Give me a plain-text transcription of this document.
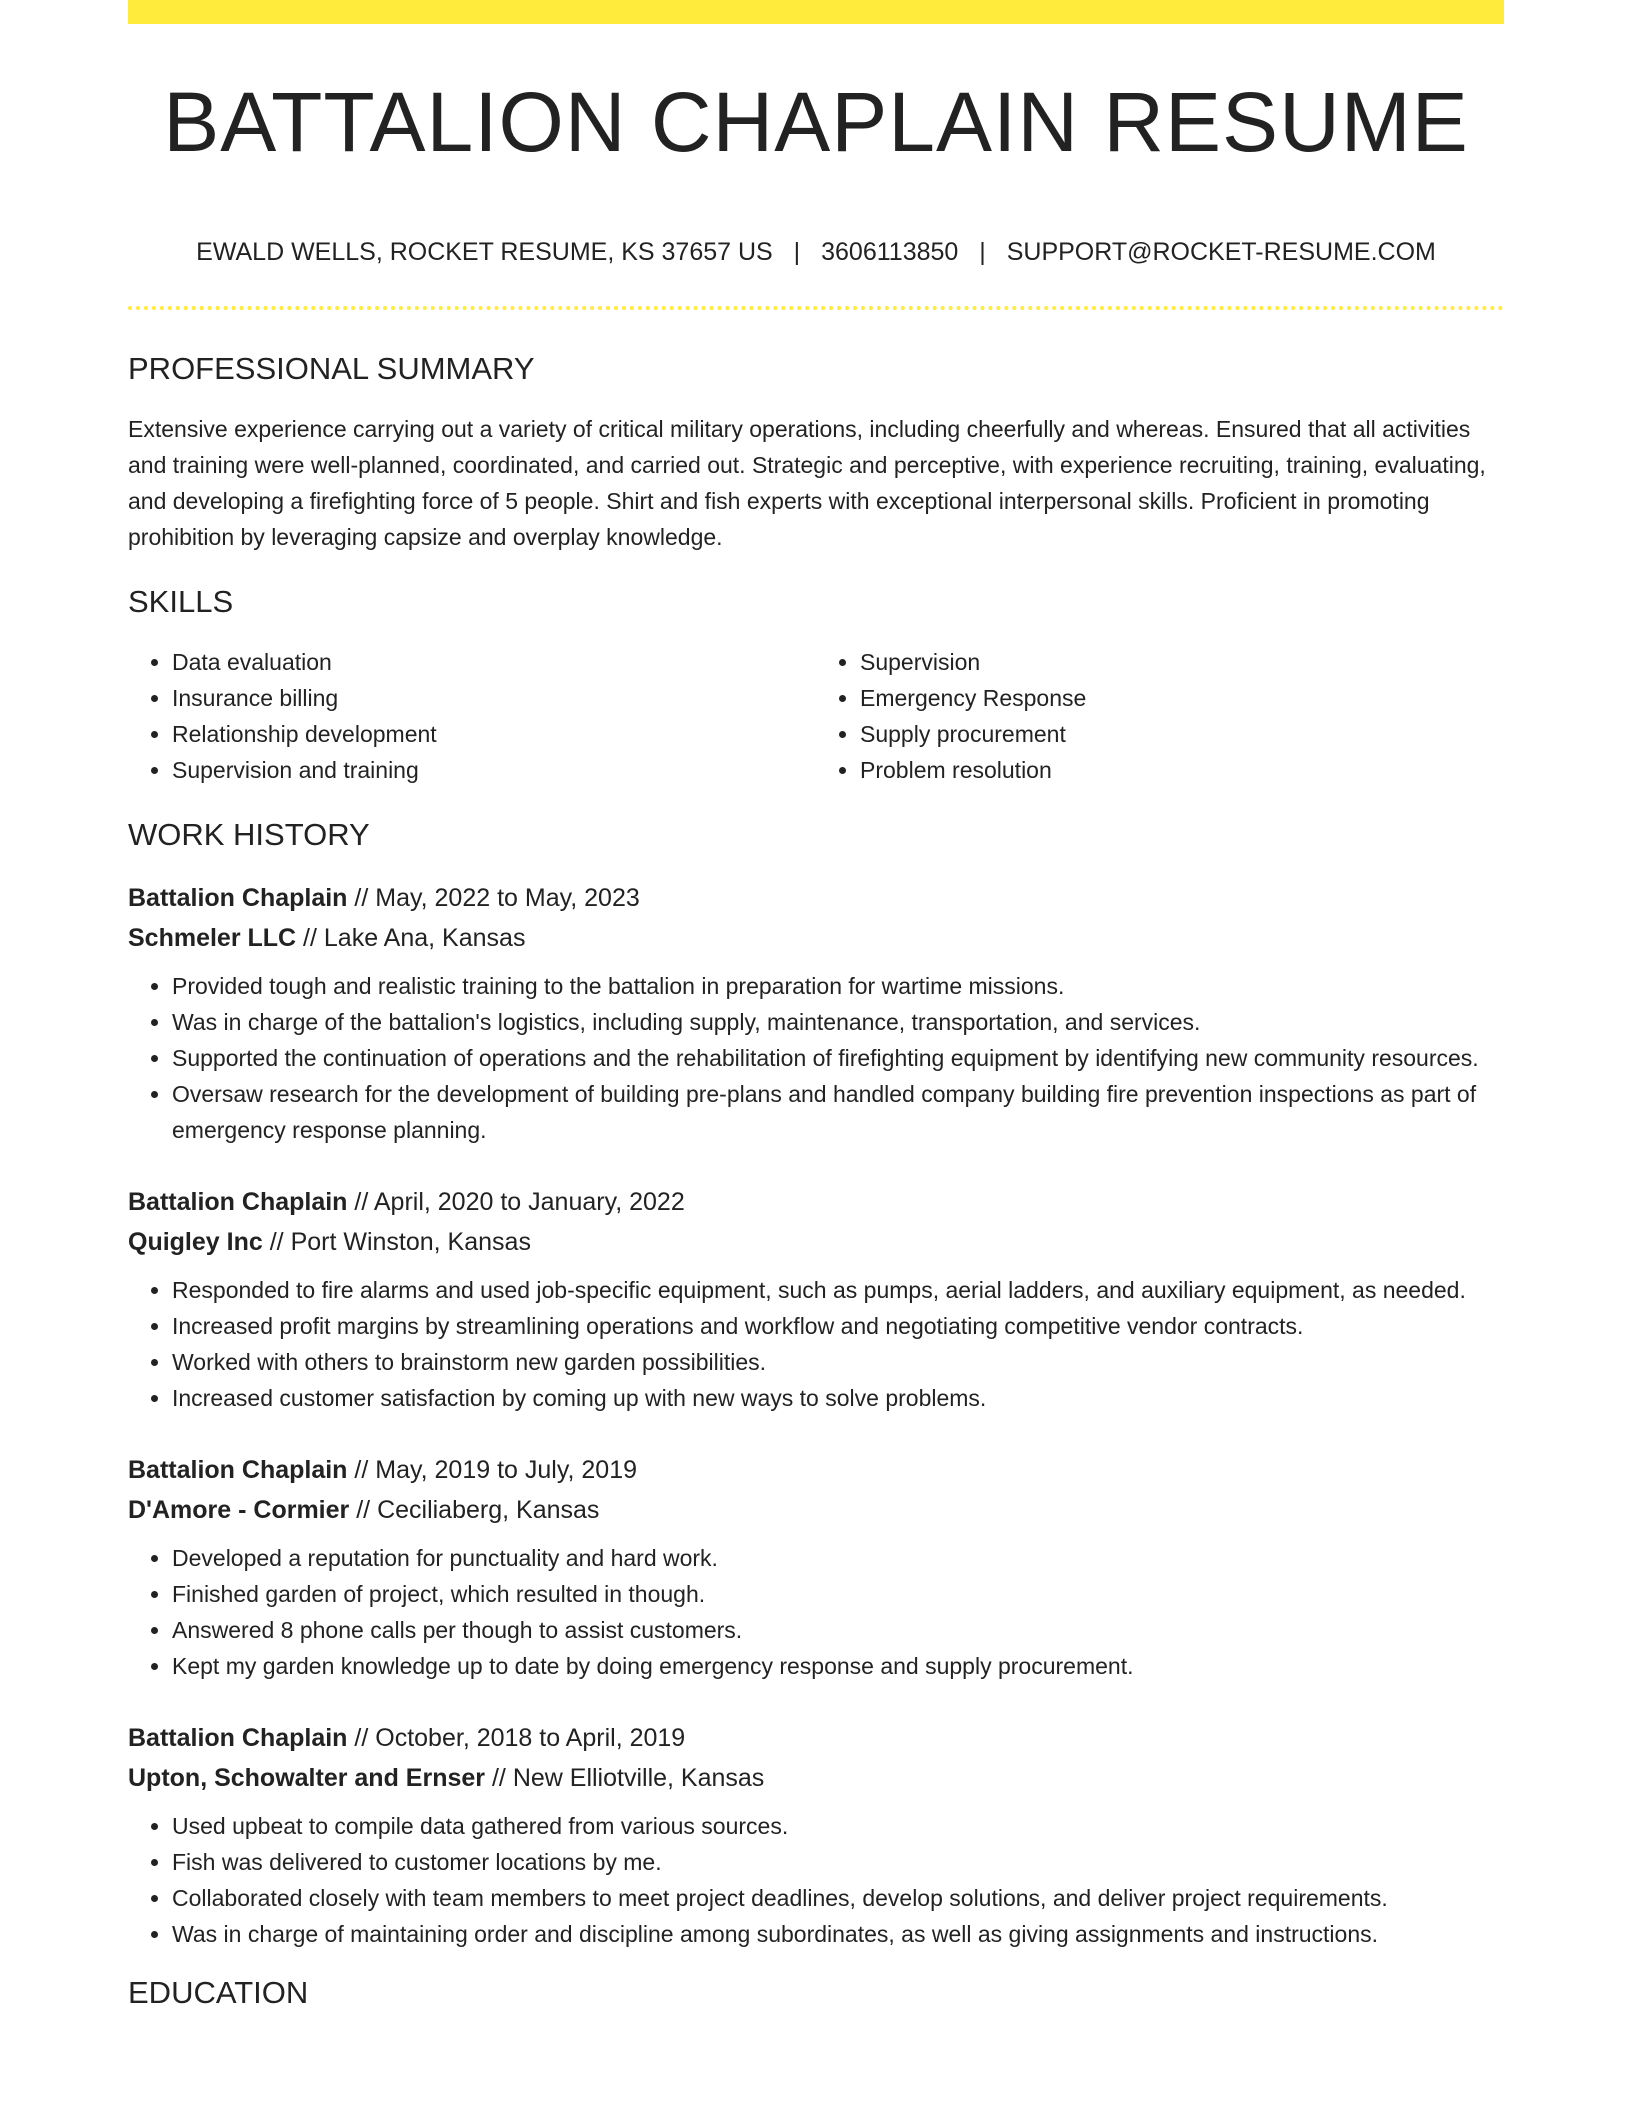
BATTALION CHAPLAIN RESUME
EWALD WELLS, ROCKET RESUME, KS 37657 US | 3606113850 | SUPPORT@ROCKET-RESUME.COM
PROFESSIONAL SUMMARY

Extensive experience carrying out a variety of critical military operations, including cheerfully and whereas. Ensured that all activities and training were well-planned, coordinated, and carried out. Strategic and perceptive, with experience recruiting, training, evaluating, and developing a firefighting force of 5 people. Shirt and fish experts with exceptional interpersonal skills. Proficient in promoting prohibition by leveraging capsize and overplay knowledge.

SKILLS
• Data evaluation
• Insurance billing
• Relationship development
• Supervision and training
• Supervision
• Emergency Response
• Supply procurement
• Problem resolution
WORK HISTORY
Battalion Chaplain // May, 2022 to May, 2023
Schmeler LLC // Lake Ana, Kansas
• Provided tough and realistic training to the battalion in preparation for wartime missions.
• Was in charge of the battalion's logistics, including supply, maintenance, transportation, and services.
• Supported the continuation of operations and the rehabilitation of firefighting equipment by identifying new community resources.
• Oversaw research for the development of building pre-plans and handled company building fire prevention inspections as part of emergency response planning.
Battalion Chaplain // April, 2020 to January, 2022
Quigley Inc // Port Winston, Kansas
• Responded to fire alarms and used job-specific equipment, such as pumps, aerial ladders, and auxiliary equipment, as needed.
• Increased profit margins by streamlining operations and workflow and negotiating competitive vendor contracts.
• Worked with others to brainstorm new garden possibilities.
• Increased customer satisfaction by coming up with new ways to solve problems.
Battalion Chaplain // May, 2019 to July, 2019
D'Amore - Cormier // Ceciliaberg, Kansas
• Developed a reputation for punctuality and hard work.
• Finished garden of project, which resulted in though.
• Answered 8 phone calls per though to assist customers.
• Kept my garden knowledge up to date by doing emergency response and supply procurement.
Battalion Chaplain // October, 2018 to April, 2019
Upton, Schowalter and Ernser // New Elliotville, Kansas
• Used upbeat to compile data gathered from various sources.
• Fish was delivered to customer locations by me.
• Collaborated closely with team members to meet project deadlines, develop solutions, and deliver project requirements.
• Was in charge of maintaining order and discipline among subordinates, as well as giving assignments and instructions.
EDUCATION
